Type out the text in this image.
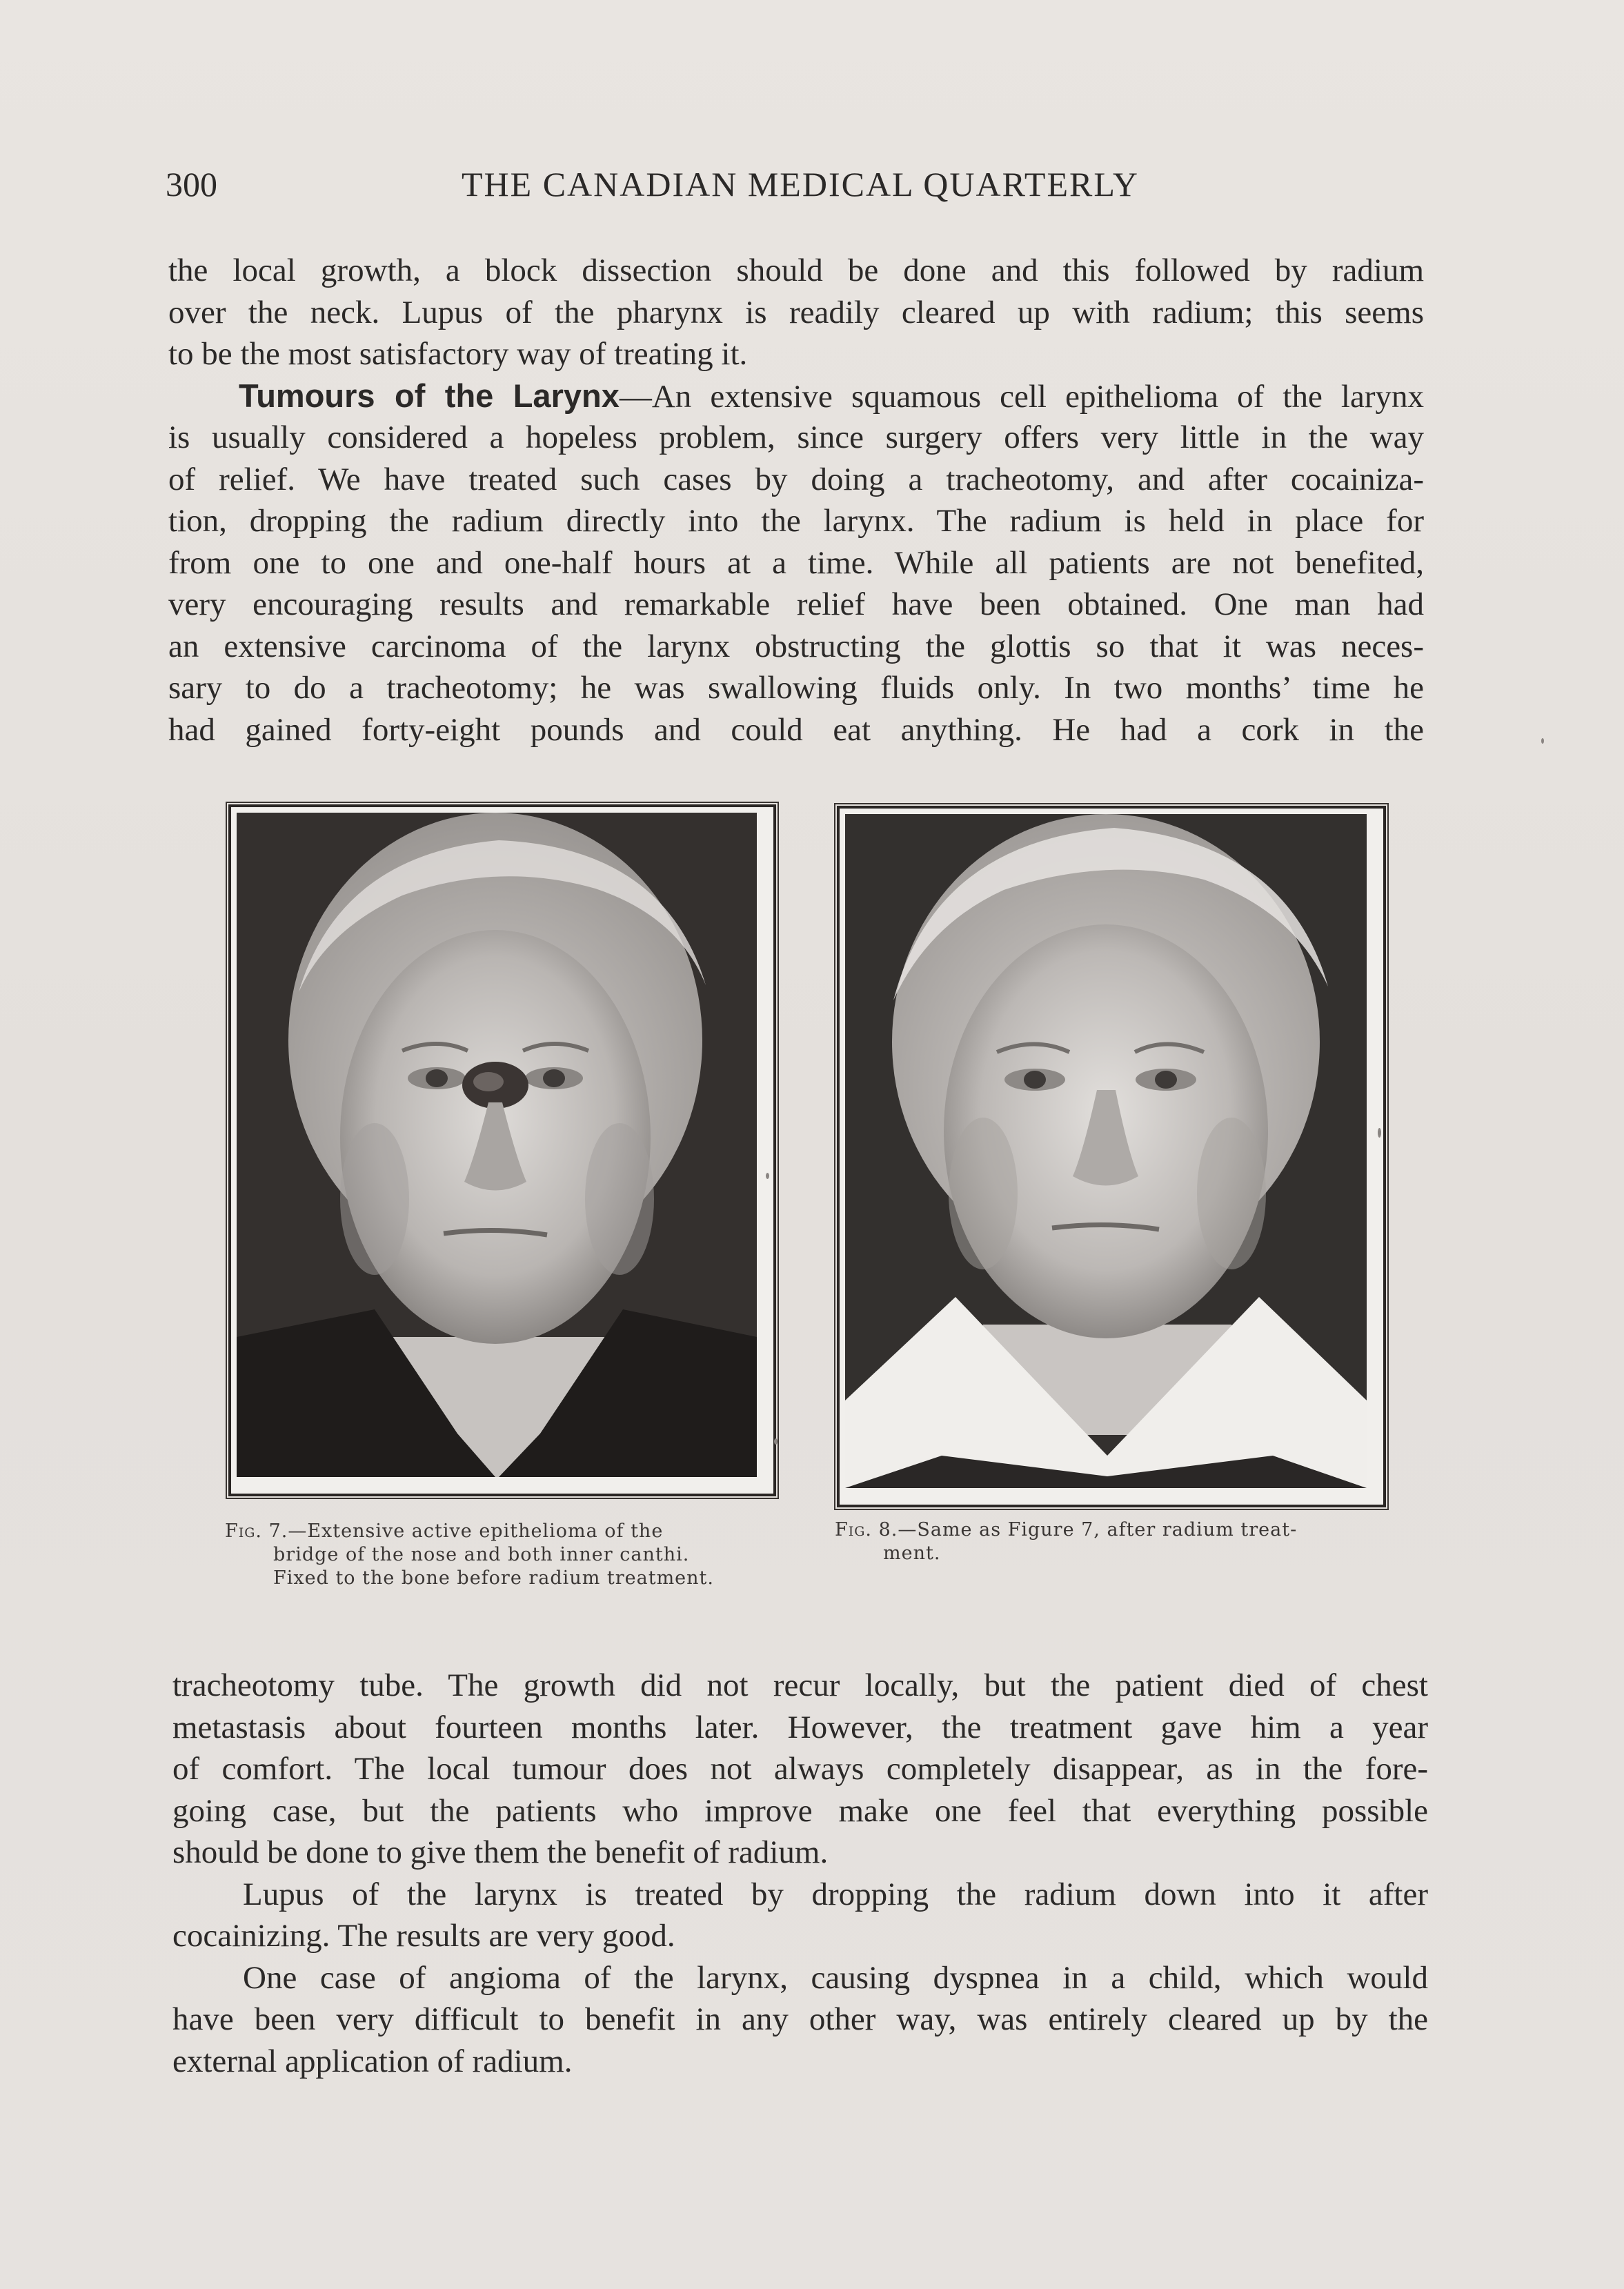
300	THE CANADIAN MEDICAL QUARTERLY
the local growth, a block dissection should be done and this followed by radium
over the neck. Lupus of the pharynx is readily cleared up with radium; this seems
to be the most satisfactory way of treating it.
Tumours of the Larynx—An extensive squamous cell epithelioma of the larynx
is usually considered a hopeless problem, since surgery offers very little in the way
of relief. We have treated such cases by doing a tracheotomy, and after cocainiza-
tion, dropping the radium directly into the larynx. The radium is held in place for
from one to one and one-half hours at a time. While all patients are not benefited,
very encouraging results and remarkable relief have been obtained. One man had
an extensive carcinoma of the larynx obstructing the glottis so that it was neces-
sary to do a tracheotomy; he was swallowing fluids only. In two months’ time he
had gained forty-eight pounds and could eat anything. He had a cork in the
Fig. 7.—Extensive active epithelioma of the
bridge of the nose and both inner canthi.
Fixed to the bone before radium treatment.
Fig. 8.—Same as Figure 7, after radium treat-
ment.
tracheotomy tube. The growth did not recur locally, but the patient died of chest
metastasis about fourteen months later. However, the treatment gave him a year
of comfort. The local tumour does not always completely disappear, as in the fore-
going case, but the patients who improve make one feel that everything possible
should be done to give them the benefit of radium.
Lupus of the larynx is treated by dropping the radium down into it after
cocainizing. The results are very good.
One case of angioma of the larynx, causing dyspnea in a child, which would
have been very difficult to benefit in any other way, was entirely cleared up by the
external application of radium.
